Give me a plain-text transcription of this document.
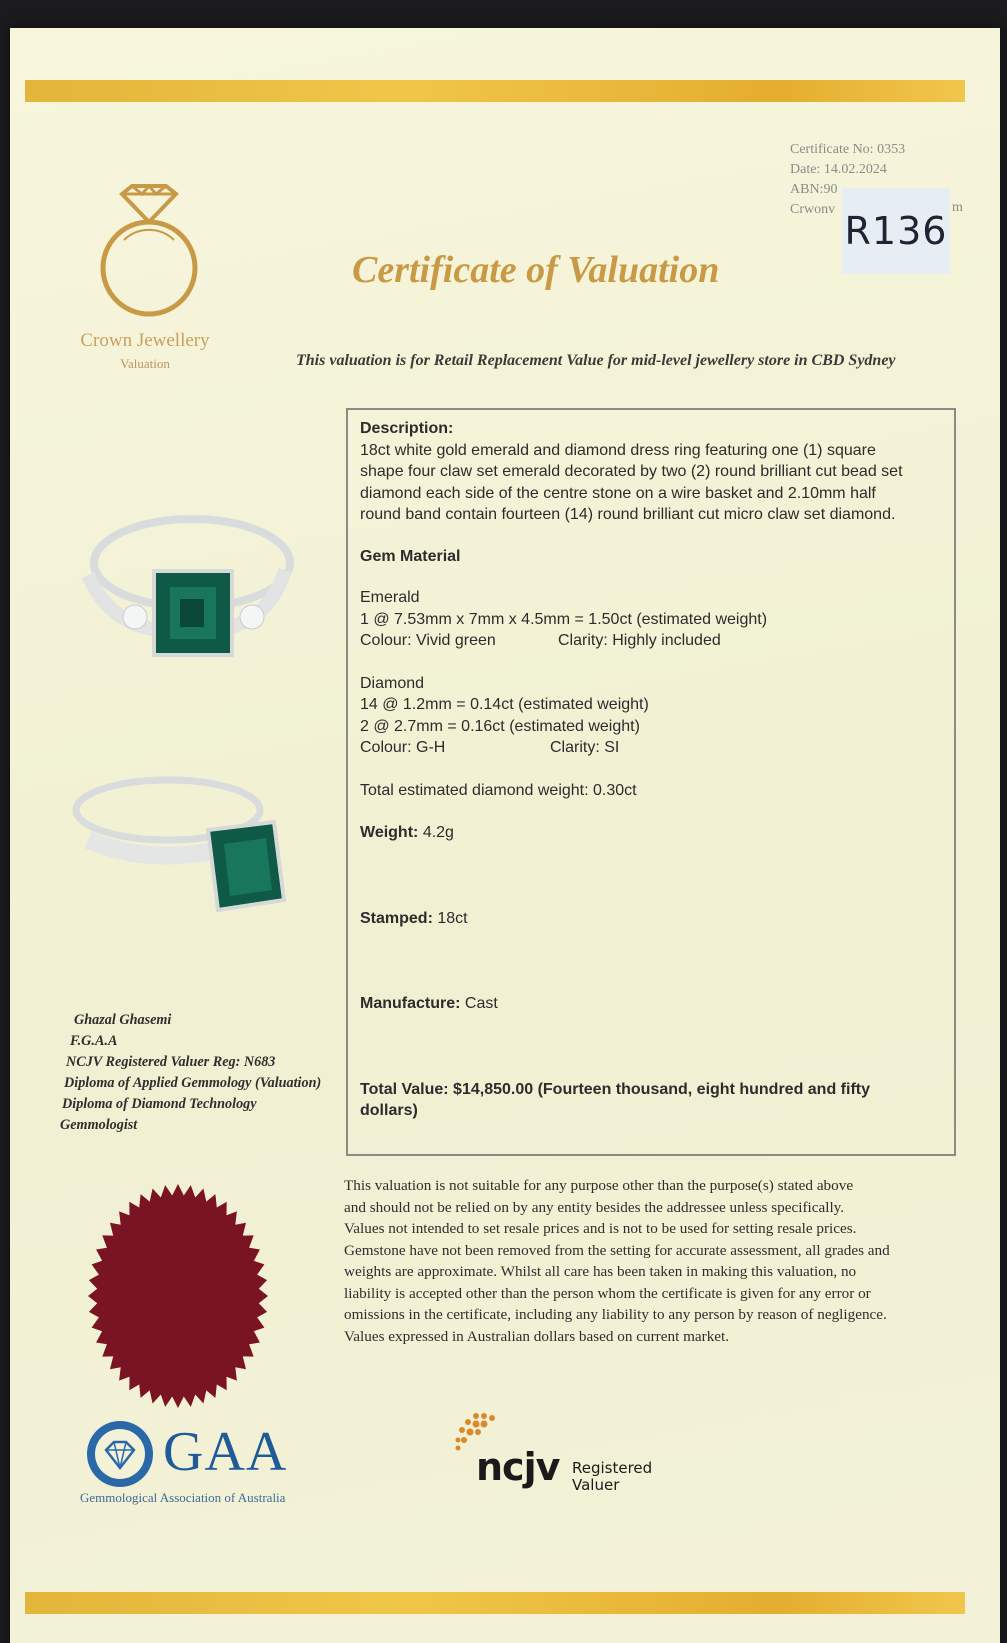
Certificate No: 0353
Date: 14.02.2024
ABN:90
Crwonv	m
R136
Crown Jewellery
Valuation
Certificate of Valuation
This valuation is for Retail Replacement Value for mid-level jewellery store in CBD Sydney
Description:
18ct white gold emerald and diamond dress ring featuring one (1) square
shape four claw set emerald decorated by two (2) round brilliant cut bead set
diamond each side of the centre stone on a wire basket and 2.10mm half
round band contain fourteen (14) round brilliant cut micro claw set diamond.
Gem Material
Emerald
1 @ 7.53mm x 7mm x 4.5mm = 1.50ct (estimated weight)
Colour: Vivid green	Clarity: Highly included
Diamond
14 @ 1.2mm = 0.14ct (estimated weight)
2 @ 2.7mm = 0.16ct (estimated weight)
Colour: G-H	Clarity: SI
Total estimated diamond weight: 0.30ct
Weight: 4.2g
Stamped: 18ct
Manufacture: Cast
Total Value: $14,850.00 (Fourteen thousand, eight hundred and fifty
dollars)
Ghazal Ghasemi
F.G.A.A
NCJV Registered Valuer Reg: N683
Diploma of Applied Gemmology (Valuation)
Diploma of Diamond Technology
Gemmologist
This valuation is not suitable for any purpose other than the purpose(s) stated above
and should not be relied on by any entity besides the addressee unless specifically.
Values not intended to set resale prices and is not to be used for setting resale prices.
Gemstone have not been removed from the setting for accurate assessment, all grades and
weights are approximate. Whilst all care has been taken in making this valuation, no
liability is accepted other than the person whom the certificate is given for any error or
omissions in the certificate, including any liability to any person by reason of negligence.
Values expressed in Australian dollars based on current market.
GAA
Gemmological Association of Australia
ncjv Registered
Valuer
